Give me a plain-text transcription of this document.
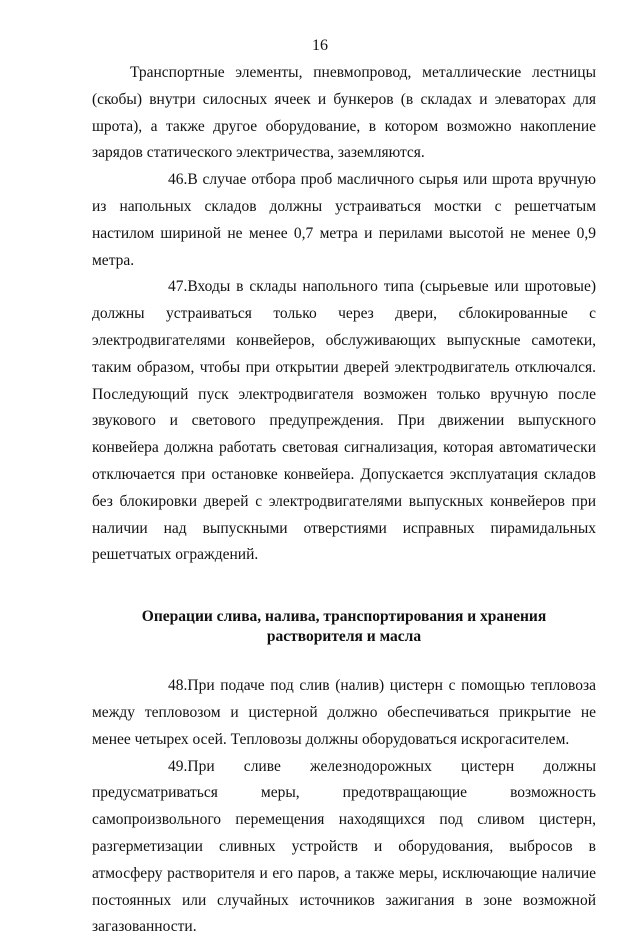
16

Транспортные элементы, пневмопровод, металлические лестницы (скобы) внутри силосных ячеек и бункеров (в складах и элеваторах для шрота), а также другое оборудование, в котором возможно накопление зарядов статического электричества, заземляются.

46.В случае отбора проб масличного сырья или шрота вручную из напольных складов должны устраиваться мостки с решетчатым настилом шириной не менее 0,7 метра и перилами высотой не менее 0,9 метра.

47.Входы в склады напольного типа (сырьевые или шротовые) должны устраиваться только через двери, сблокированные с электродвигателями конвейеров, обслуживающих выпускные самотеки, таким образом, чтобы при открытии дверей электродвигатель отключался. Последующий пуск электродвигателя возможен только вручную после звукового и светового предупреждения. При движении выпускного конвейера должна работать световая сигнализация, которая автоматически отключается при остановке конвейера. Допускается эксплуатация складов без блокировки дверей с электродвигателями выпускных конвейеров при наличии над выпускными отверстиями исправных пирамидальных решетчатых ограждений.

Операции слива, налива, транспортирования и хранения
растворителя и масла

48.При подаче под слив (налив) цистерн с помощью тепловоза между тепловозом и цистерной должно обеспечиваться прикрытие не менее четырех осей. Тепловозы должны оборудоваться искрогасителем.

49.При сливе железнодорожных цистерн должны предусматриваться меры, предотвращающие возможность самопроизвольного перемещения находящихся под сливом цистерн, разгерметизации сливных устройств и оборудования, выбросов в атмосферу растворителя и его паров, а также меры, исключающие наличие постоянных или случайных источников зажигания в зоне возможной загазованности.
